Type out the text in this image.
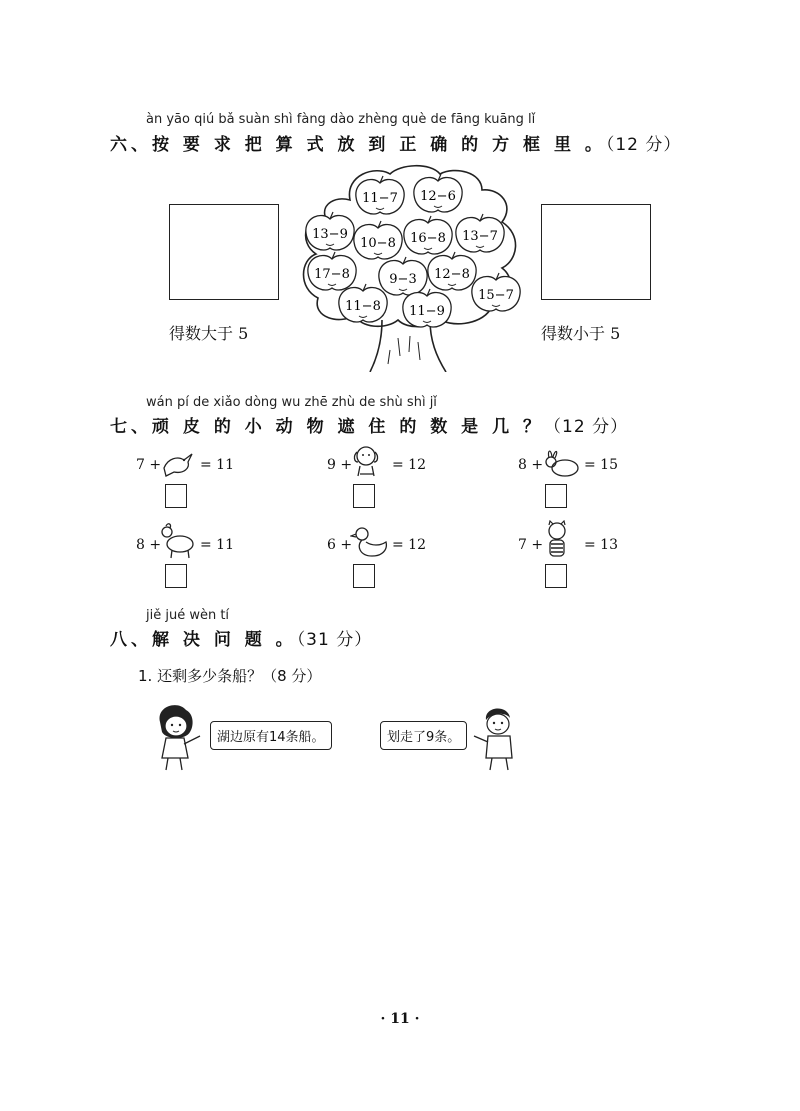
àn yāo qiú bǎ suàn shì fàng dào zhèng què de fāng kuāng lǐ
六、按 要 求 把 算 式 放 到 正 确 的 方 框 里 。（12 分）
得数大于 5	得数小于 5
11−7 12−6
13−9
10−8 16−8 13−7
17−8	9−3 12−8
15−7
11−8 11−9
wán pí de xiǎo dòng wu zhē zhù de shù shì jǐ
七、顽 皮 的 小 动 物 遮 住 的 数 是 几 ？（12 分）
7 +	= 11	9 +	= 12	8 +	= 15
8 +	= 11	6 +	= 12	7 +	= 13
jiě jué wèn tí
八、解 决 问 题 。（31 分）
1. 还剩多少条船？（8 分）
湖边原有14条船。	划走了9条。
· 11 ·
